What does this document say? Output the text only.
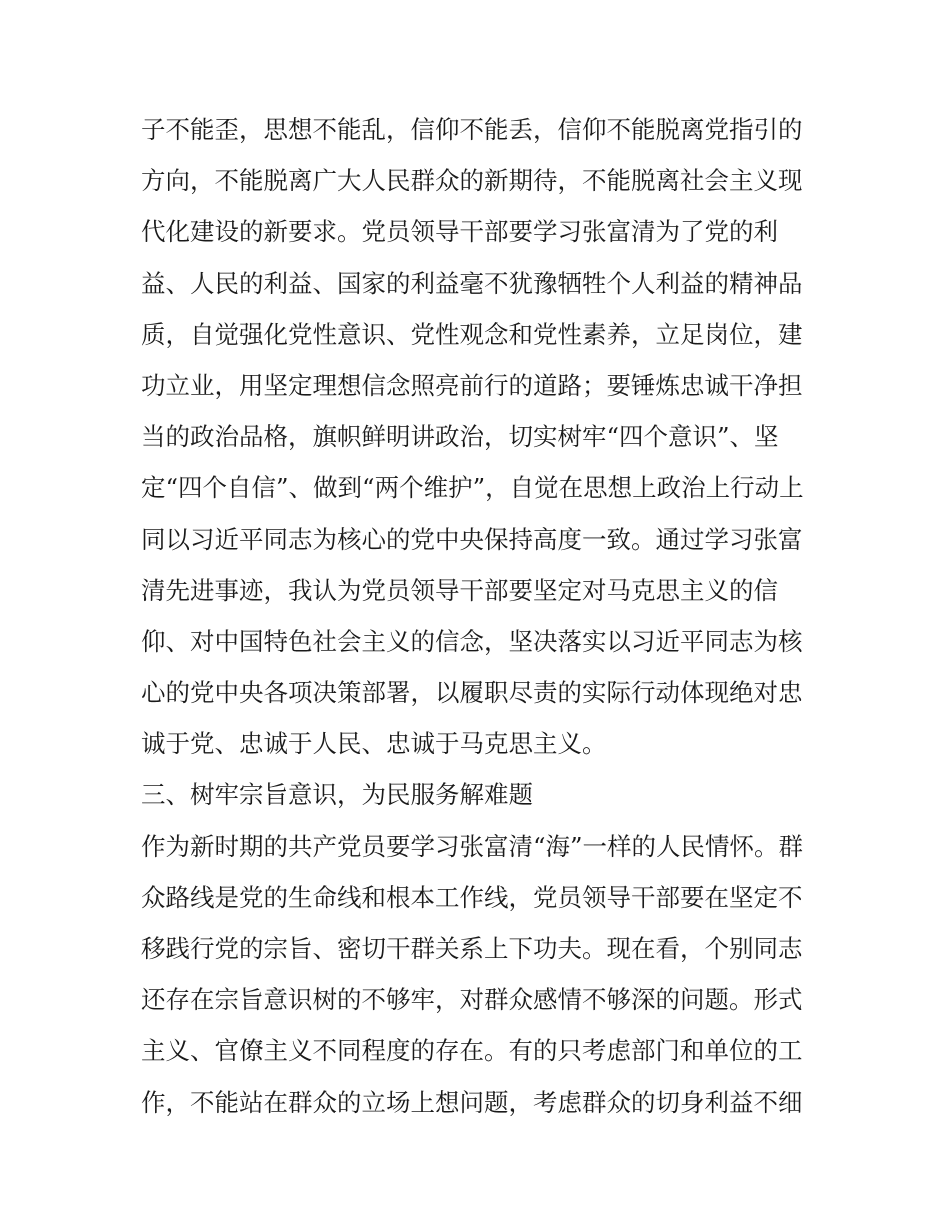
子不能歪，思想不能乱，信仰不能丢，信仰不能脱离党指引的
方向，不能脱离广大人民群众的新期待，不能脱离社会主义现
代化建设的新要求。党员领导干部要学习张富清为了党的利
益、人民的利益、国家的利益毫不犹豫牺牲个人利益的精神品
质，自觉强化党性意识、党性观念和党性素养，立足岗位，建
功立业，用坚定理想信念照亮前行的道路；要锤炼忠诚干净担
当的政治品格，旗帜鲜明讲政治，切实树牢“四个意识”、坚
定“四个自信”、做到“两个维护”，自觉在思想上政治上行动上
同以习近平同志为核心的党中央保持高度一致。通过学习张富
清先进事迹，我认为党员领导干部要坚定对马克思主义的信
仰、对中国特色社会主义的信念，坚决落实以习近平同志为核
心的党中央各项决策部署，以履职尽责的实际行动体现绝对忠
诚于党、忠诚于人民、忠诚于马克思主义。
三、树牢宗旨意识，为民服务解难题
作为新时期的共产党员要学习张富清“海”一样的人民情怀。群
众路线是党的生命线和根本工作线，党员领导干部要在坚定不
移践行党的宗旨、密切干群关系上下功夫。现在看，个别同志
还存在宗旨意识树的不够牢，对群众感情不够深的问题。形式
主义、官僚主义不同程度的存在。有的只考虑部门和单位的工
作，不能站在群众的立场上想问题，考虑群众的切身利益不细
